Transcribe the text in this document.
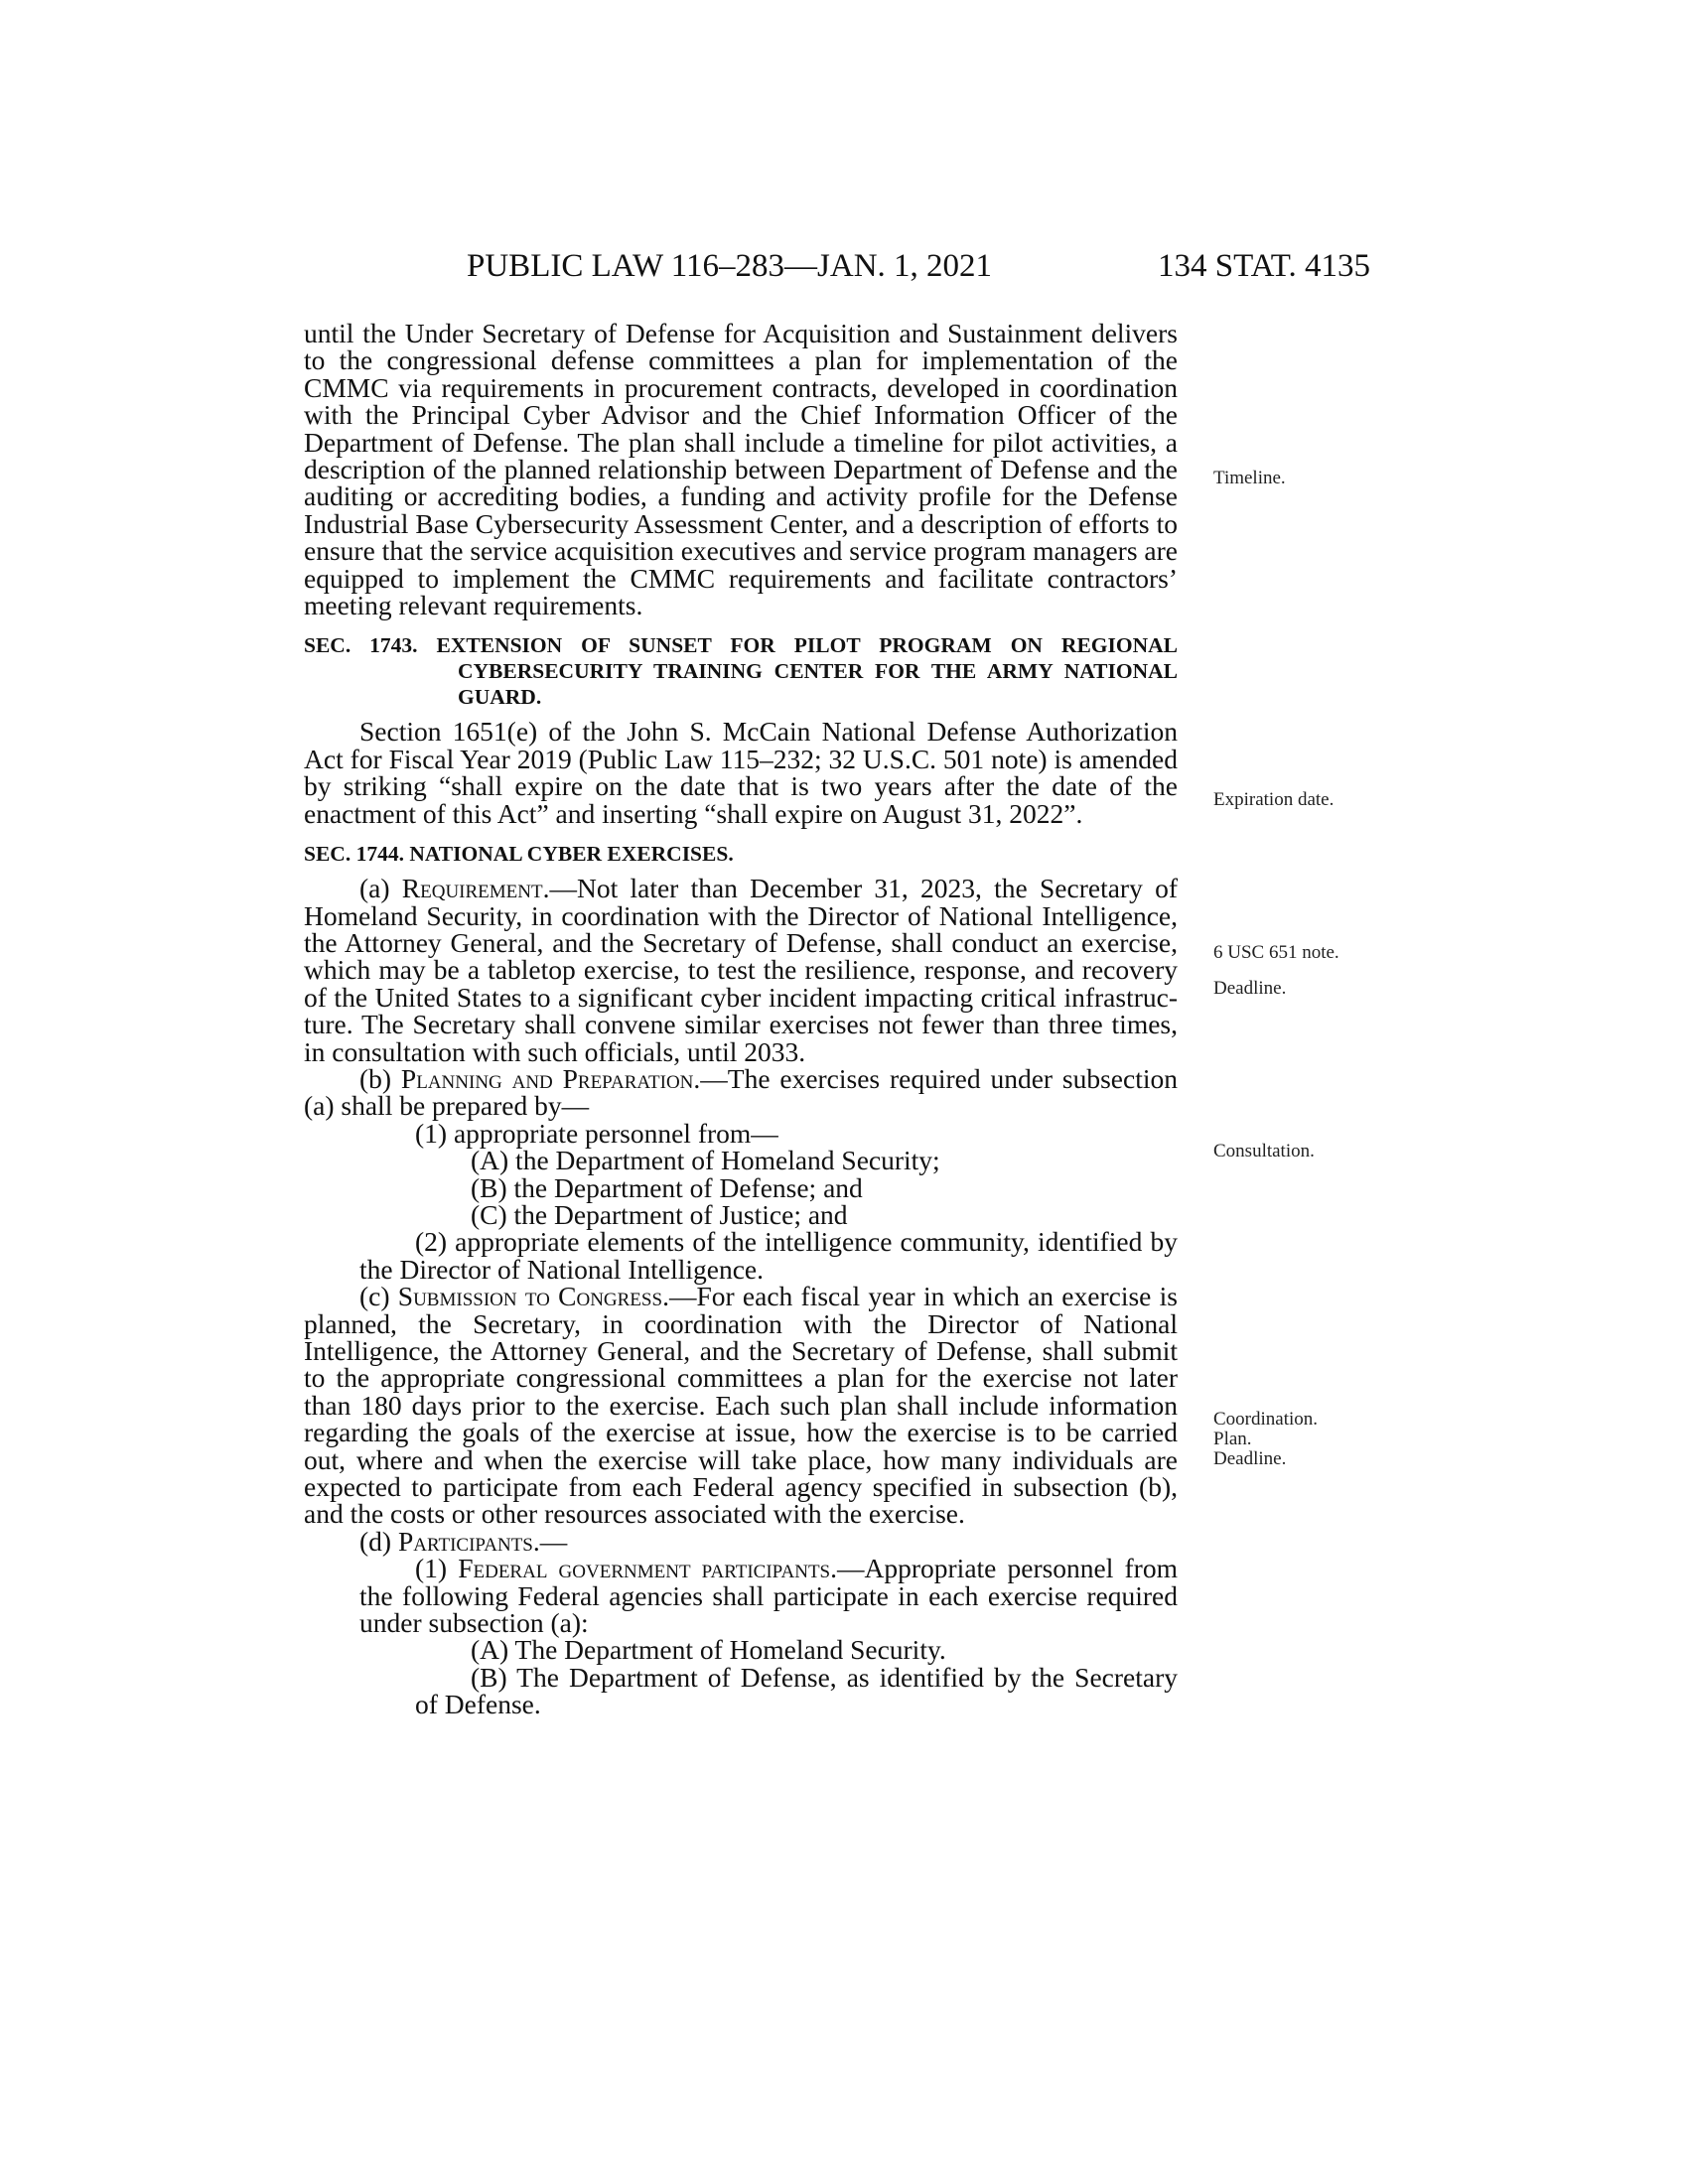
PUBLIC LAW 116–283—JAN. 1, 2021	134 STAT. 4135

until the Under Secretary of Defense for Acquisition and Sustainment delivers to the congressional defense committees a plan for implementation of the CMMC via requirements in procurement contracts, developed in coordination with the Principal Cyber Advisor and the Chief Information Officer of the Department of Defense. The plan shall include a timeline for pilot activities, a description of the planned relationship between Department of Defense and the auditing or accrediting bodies, a funding and activity profile for the Defense Industrial Base Cybersecurity Assessment Center, and a description of efforts to ensure that the service acquisition executives and service program managers are equipped to implement the CMMC requirements and facilitate contractors’ meeting relevant requirements.

SEC. 1743. EXTENSION OF SUNSET FOR PILOT PROGRAM ON REGIONAL CYBERSECURITY TRAINING CENTER FOR THE ARMY NATIONAL GUARD.

Section 1651(e) of the John S. McCain National Defense Authorization Act for Fiscal Year 2019 (Public Law 115–232; 32 U.S.C. 501 note) is amended by striking “shall expire on the date that is two years after the date of the enactment of this Act” and inserting “shall expire on August 31, 2022”.

SEC. 1744. NATIONAL CYBER EXERCISES.

(a) Requirement.—Not later than December 31, 2023, the Secretary of Homeland Security, in coordination with the Director of National Intelligence, the Attorney General, and the Secretary of Defense, shall conduct an exercise, which may be a tabletop exercise, to test the resilience, response, and recovery of the United States to a significant cyber incident impacting critical infrastructure. The Secretary shall convene similar exercises not fewer than three times, in consultation with such officials, until 2033.

(b) Planning and Preparation.—The exercises required under subsection (a) shall be prepared by—

(1) appropriate personnel from—

(A) the Department of Homeland Security;

(B) the Department of Defense; and

(C) the Department of Justice; and

(2) appropriate elements of the intelligence community, identified by the Director of National Intelligence.

(c) Submission to Congress.—For each fiscal year in which an exercise is planned, the Secretary, in coordination with the Director of National Intelligence, the Attorney General, and the Secretary of Defense, shall submit to the appropriate congressional committees a plan for the exercise not later than 180 days prior to the exercise. Each such plan shall include information regarding the goals of the exercise at issue, how the exercise is to be carried out, where and when the exercise will take place, how many individuals are expected to participate from each Federal agency specified in subsection (b), and the costs or other resources associated with the exercise.

(d) Participants.—

(1) Federal government participants.—Appropriate personnel from the following Federal agencies shall participate in each exercise required under subsection (a):

(A) The Department of Homeland Security.

(B) The Department of Defense, as identified by the Secretary of Defense.

Timeline.
Expiration date.
6 USC 651 note.
Deadline.
Consultation.
Coordination.
Plan.
Deadline.
